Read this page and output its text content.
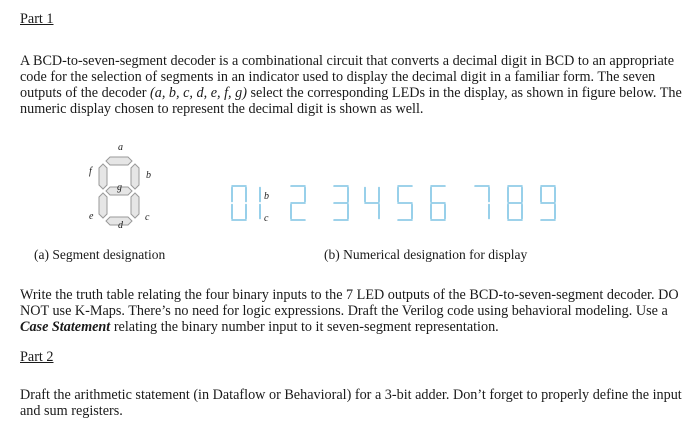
Part 1

A BCD-to-seven-segment decoder is a combinational circuit that converts a decimal digit in BCD to an appropriate code for the selection of segments in an indicator used to display the decimal digit in a familiar form. The seven outputs of the decoder (a, b, c, d, e, f, g) select the corresponding LEDs in the display, as shown in figure below. The numeric display chosen to represent the decimal digit is shown as well.

a
b
c
d
e
f
g
b
c
(a) Segment designation	(b) Numerical designation for display

Write the truth table relating the four binary inputs to the 7 LED outputs of the BCD-to-seven-segment decoder. DO NOT use K-Maps. There’s no need for logic expressions. Draft the Verilog code using behavioral modeling. Use a Case Statement relating the binary number input to it seven-segment representation.

Part 2

Draft the arithmetic statement (in Dataflow or Behavioral) for a 3-bit adder. Don’t forget to properly define the input and sum registers.
